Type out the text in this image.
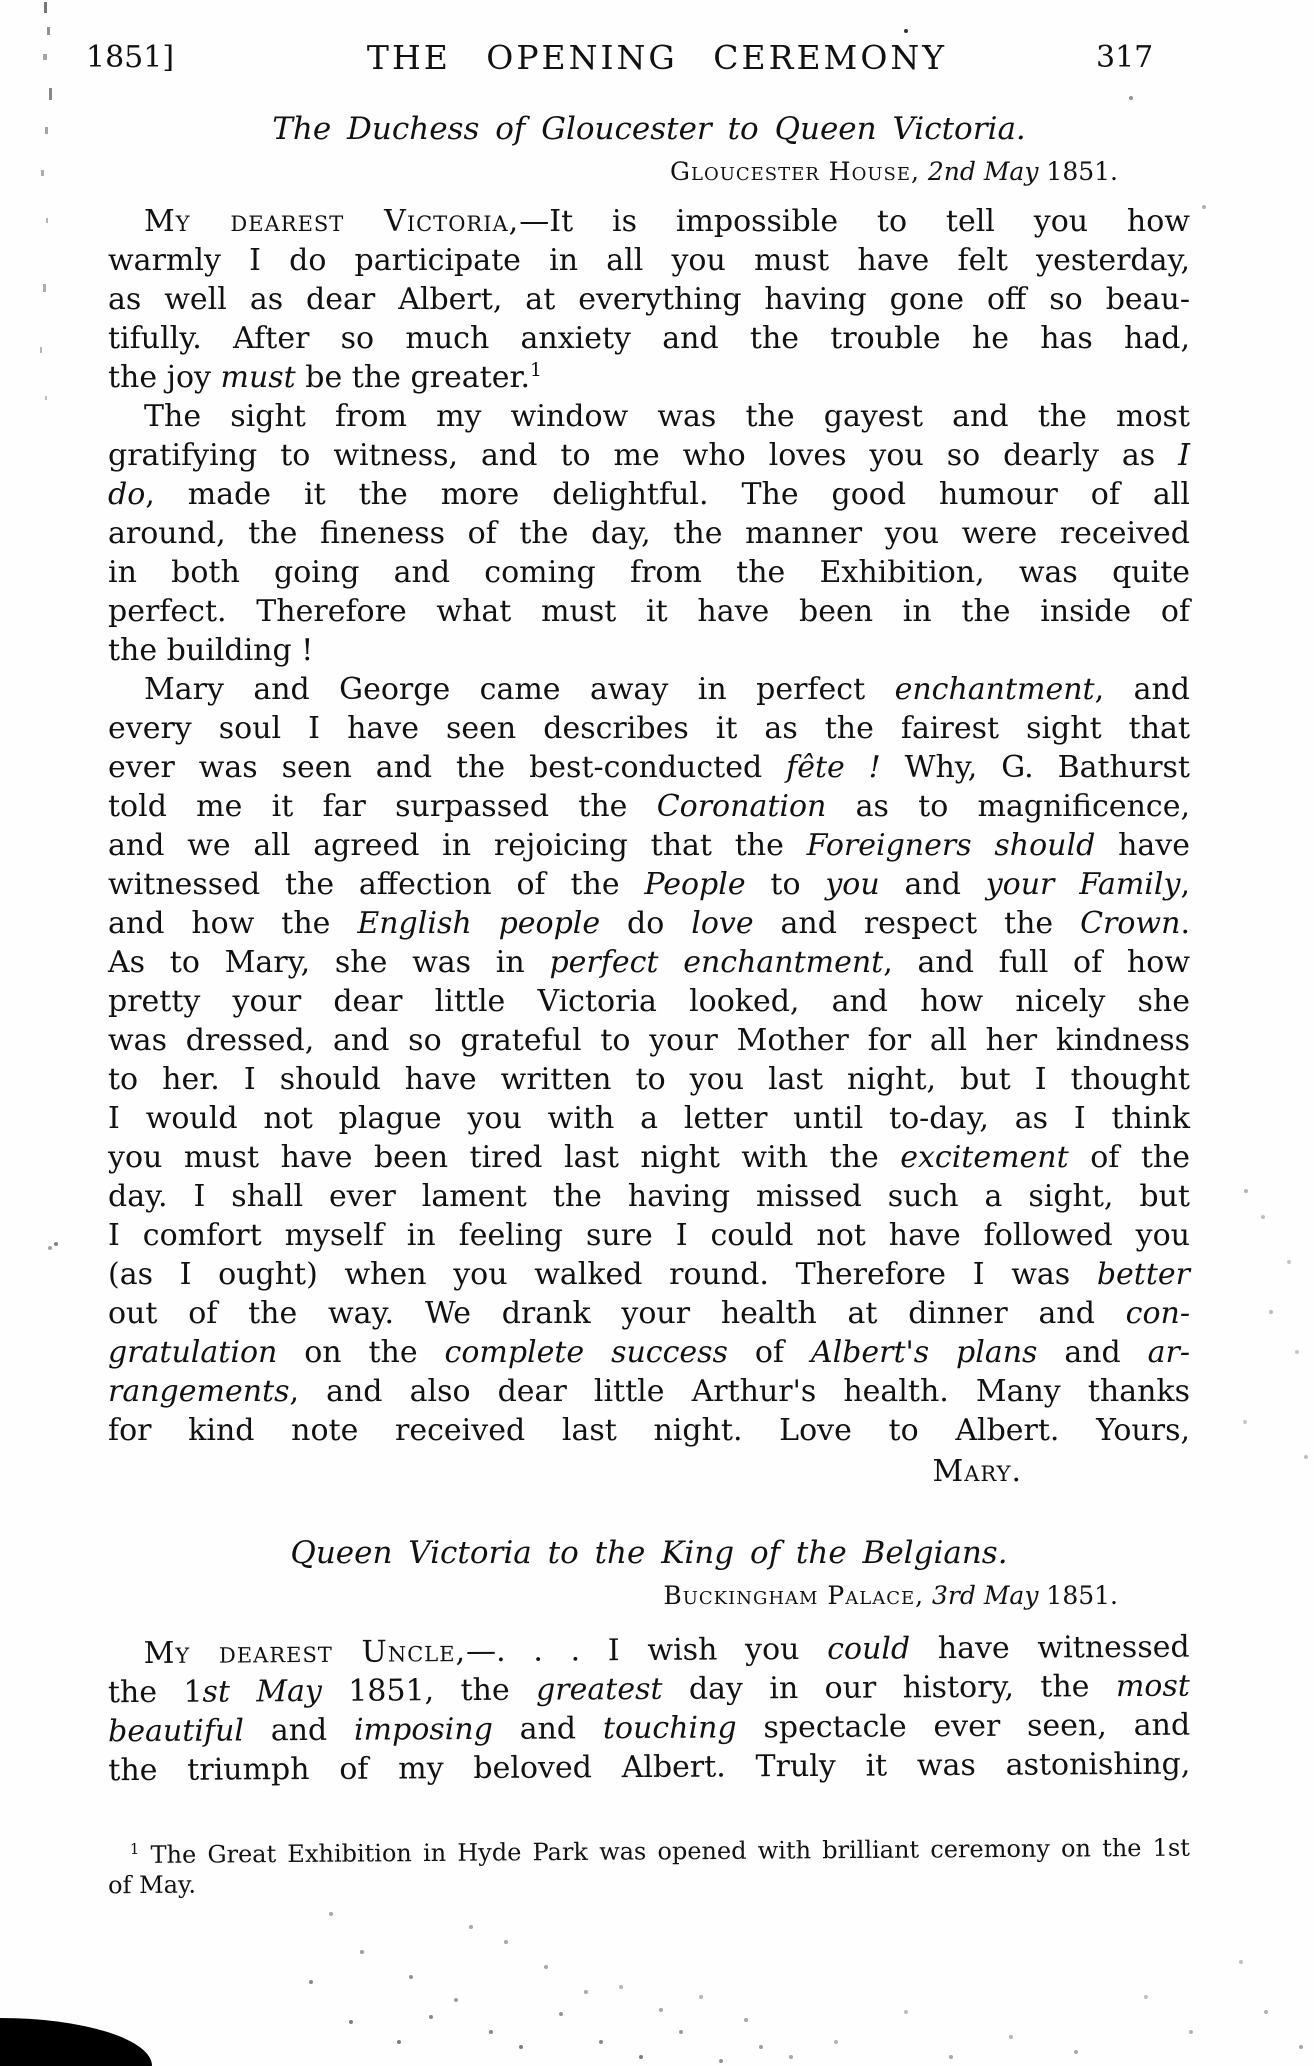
1851]	THE OPENING CEREMONY	317
The Duchess of Gloucester to Queen Victoria.
Gloucester House, 2nd May 1851.
My dearest Victoria,—It is impossible to tell you how
warmly I do participate in all you must have felt yesterday,
as well as dear Albert, at everything having gone off so beau-
tifully. After so much anxiety and the trouble he has had,
the joy must be the greater.$^1$
The sight from my window was the gayest and the most
gratifying to witness, and to me who loves you so dearly as I
do, made it the more delightful. The good humour of all
around, the fineness of the day, the manner you were received
in both going and coming from the Exhibition, was quite
perfect. Therefore what must it have been in the inside of
the building !
Mary and George came away in perfect enchantment, and
every soul I have seen describes it as the fairest sight that
ever was seen and the best-conducted fête ! Why, G. Bathurst
told me it far surpassed the Coronation as to magnificence,
and we all agreed in rejoicing that the Foreigners should have
witnessed the affection of the People to you and your Family,
and how the English people do love and respect the Crown.
As to Mary, she was in perfect enchantment, and full of how
pretty your dear little Victoria looked, and how nicely she
was dressed, and so grateful to your Mother for all her kindness
to her. I should have written to you last night, but I thought
I would not plague you with a letter until to-day, as I think
you must have been tired last night with the excitement of the
day. I shall ever lament the having missed such a sight, but
I comfort myself in feeling sure I could not have followed you
(as I ought) when you walked round. Therefore I was better
out of the way. We drank your health at dinner and con-
gratulation on the complete success of Albert's plans and ar-
rangements, and also dear little Arthur's health. Many thanks
for kind note received last night. Love to Albert. Yours,
Mary.
Queen Victoria to the King of the Belgians.
Buckingham Palace, 3rd May 1851.
My dearest Uncle,—. . . I wish you could have witnessed
the 1st May 1851, the greatest day in our history, the most
beautiful and imposing and touching spectacle ever seen, and
the triumph of my beloved Albert. Truly it was astonishing,
$^1$ The Great Exhibition in Hyde Park was opened with brilliant ceremony on the 1st
of May.
